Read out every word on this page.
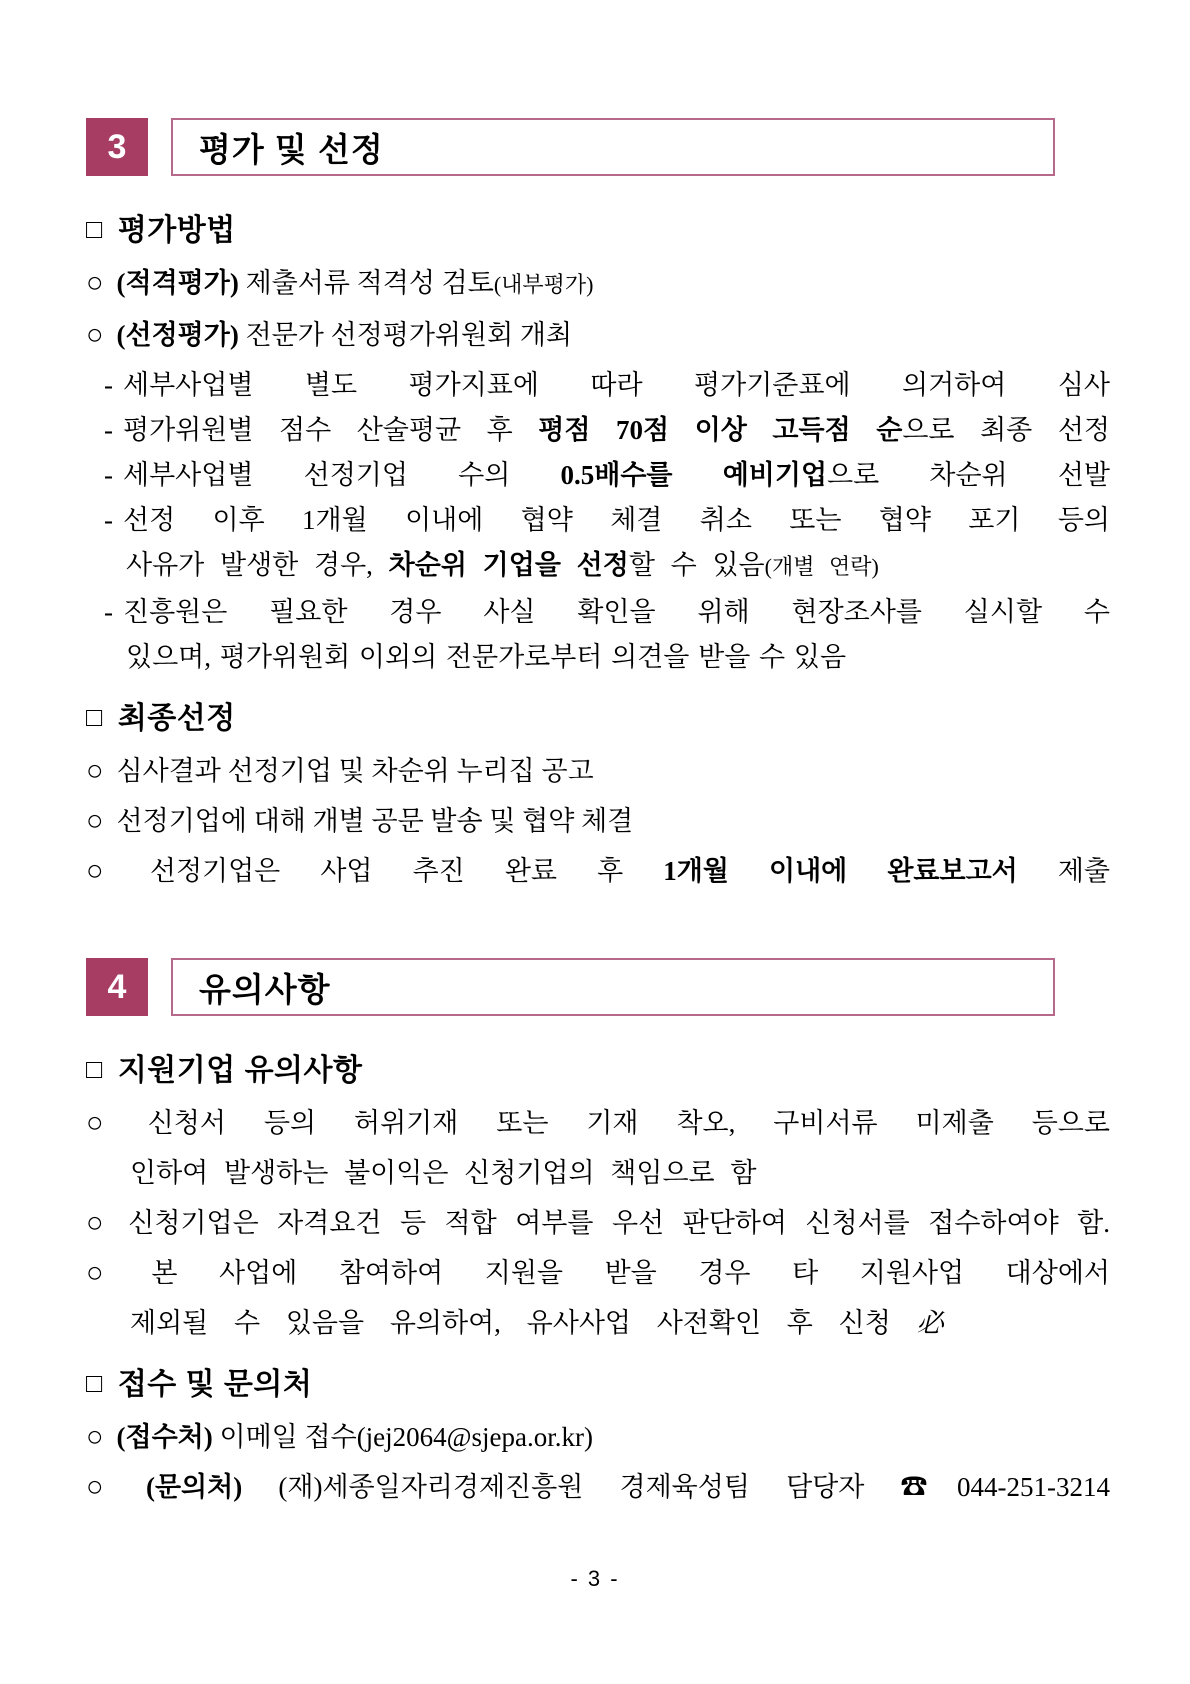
3	평가 및 선정
□ 평가방법
○ (적격평가) 제출서류 적격성 검토(내부평가)
○ (선정평가) 전문가 선정평가위원회 개최
- 세부사업별 별도 평가지표에 따라 평가기준표에 의거하여 심사
- 평가위원별 점수 산술평균 후 평점 70점 이상 고득점 순으로 최종 선정
- 세부사업별 선정기업 수의 0.5배수를 예비기업으로 차순위 선발
- 선정 이후 1개월 이내에 협약 체결 취소 또는 협약 포기 등의
사유가 발생한 경우, 차순위 기업을 선정할 수 있음(개별 연락)
- 진흥원은 필요한 경우 사실 확인을 위해 현장조사를 실시할 수
있으며, 평가위원회 이외의 전문가로부터 의견을 받을 수 있음
□ 최종선정
○ 심사결과 선정기업 및 차순위 누리집 공고
○ 선정기업에 대해 개별 공문 발송 및 협약 체결
○ 선정기업은 사업 추진 완료 후 1개월 이내에 완료보고서 제출
4	유의사항
□ 지원기업 유의사항
○ 신청서 등의 허위기재 또는 기재 착오, 구비서류 미제출 등으로
인하여 발생하는 불이익은 신청기업의 책임으로 함
○ 신청기업은 자격요건 등 적합 여부를 우선 판단하여 신청서를 접수하여야 함.
○ 본 사업에 참여하여 지원을 받을 경우 타 지원사업 대상에서
제외될 수 있음을 유의하여, 유사사업 사전확인 후 신청 必
□ 접수 및 문의처
○ (접수처) 이메일 접수(jej2064@sjepa.or.kr)
○ (문의처) (재)세종일자리경제진흥원 경제육성팀 담당자 ☎044-251-3214
- 3 -
